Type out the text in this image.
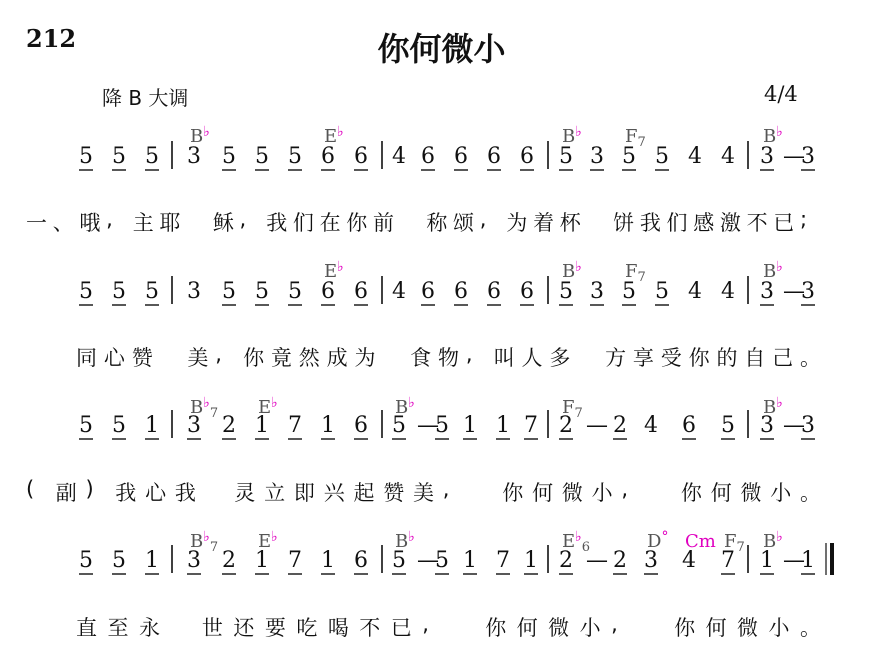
212	你何微小
降 B 大调	4/4
5 5 5 3 5 5 5 6 6 4 6 6 6 6 5 3 5 5 4 4 3 —
3
B♭	E♭	B♭ $F_7$	B♭
5 5 5 3 5 5 5 6 6 4 6 6 6 6 5 3 5 5 4 4 3 —
3
E♭	B♭ $F_7$	B♭
5 5 1 3 2 1 7 1 6 5 —
5 1 1 7 2 — 2 4 6 5 3 —
3
$B^♭_7$ E♭	B♭	$F_7$	B♭
5 5 1 3 2 1 7 1 6 5 —
5 1 7 1 2 — 2 3 4 7 1 —
1
$B^♭_7$ E♭	B♭	$E^♭_6$	D° Cm $F_7$ B♭
一 、 哦 , 主 耶 稣 , 我 们 在 你 前 称 颂 , 为 着 杯 饼 我 们 感 激 不 已 ;
同 心 赞 美 , 你 竟 然 成 为 食 物 , 叫 人 多 方 享 受 你 的 自 己 。
( 副 ) 我 心 我 灵 立 即 兴 起 赞 美 ,	你 何 微 小 ,	你 何 微 小 。
直 至 永 世 还 要 吃 喝 不 已 ,	你 何 微 小 ,	你 何 微 小 。
